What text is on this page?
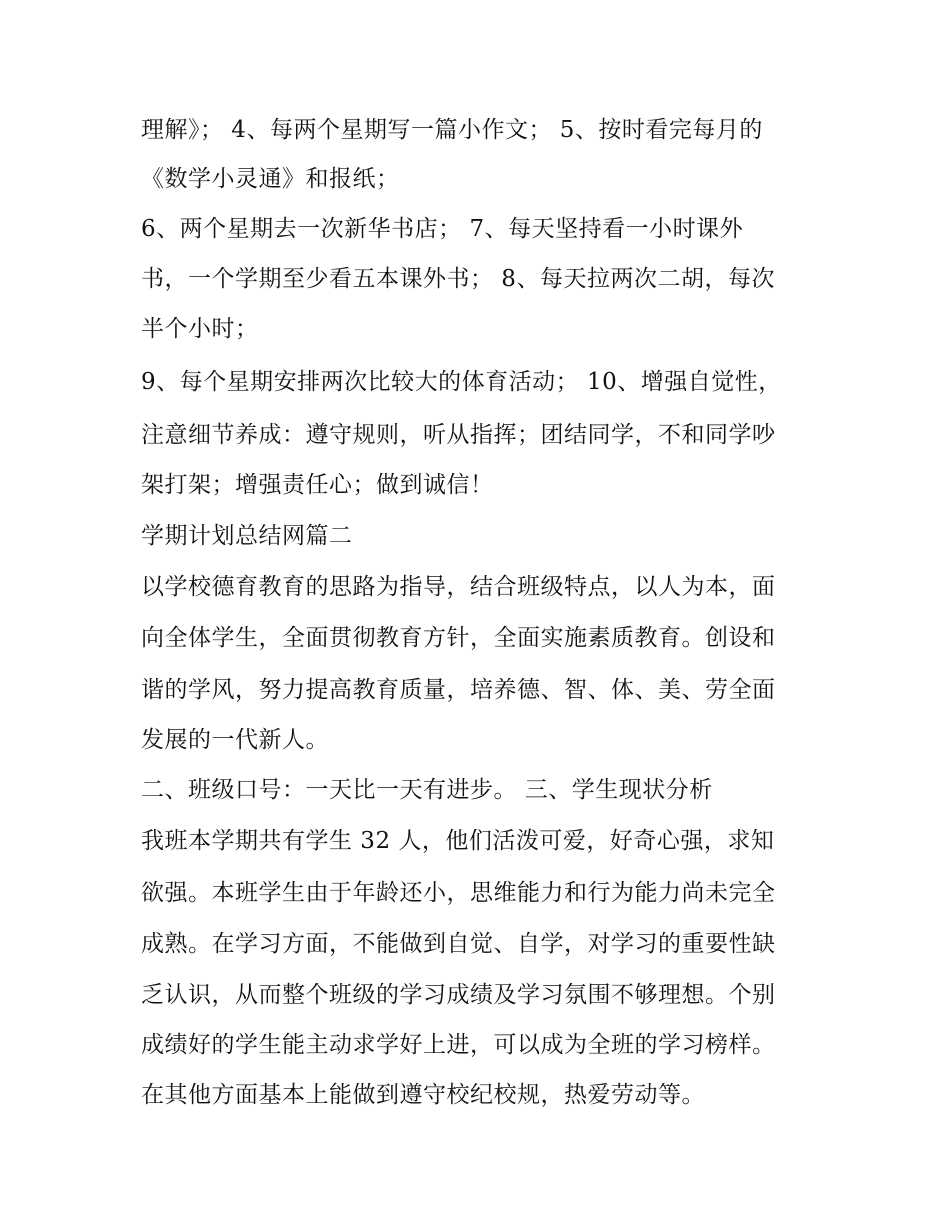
理解》； 4、每两个星期写一篇小作文； 5、按时看完每月的
《数学小灵通》和报纸；
6、两个星期去一次新华书店； 7、每天坚持看一小时课外
书，一个学期至少看五本课外书； 8、每天拉两次二胡，每次
半个小时；
9、每个星期安排两次比较大的体育活动； 10、增强自觉性，
注意细节养成：遵守规则，听从指挥；团结同学，不和同学吵
架打架；增强责任心；做到诚信！
学期计划总结网篇二
以学校德育教育的思路为指导，结合班级特点，以人为本，面
向全体学生，全面贯彻教育方针，全面实施素质教育。创设和
谐的学风，努力提高教育质量，培养德、智、体、美、劳全面
发展的一代新人。
二、班级口号：一天比一天有进步。 三、学生现状分析
我班本学期共有学生 32 人，他们活泼可爱，好奇心强，求知
欲强。本班学生由于年龄还小，思维能力和行为能力尚未完全
成熟。在学习方面，不能做到自觉、自学，对学习的重要性缺
乏认识，从而整个班级的学习成绩及学习氛围不够理想。个别
成绩好的学生能主动求学好上进，可以成为全班的学习榜样。
在其他方面基本上能做到遵守校纪校规，热爱劳动等。
